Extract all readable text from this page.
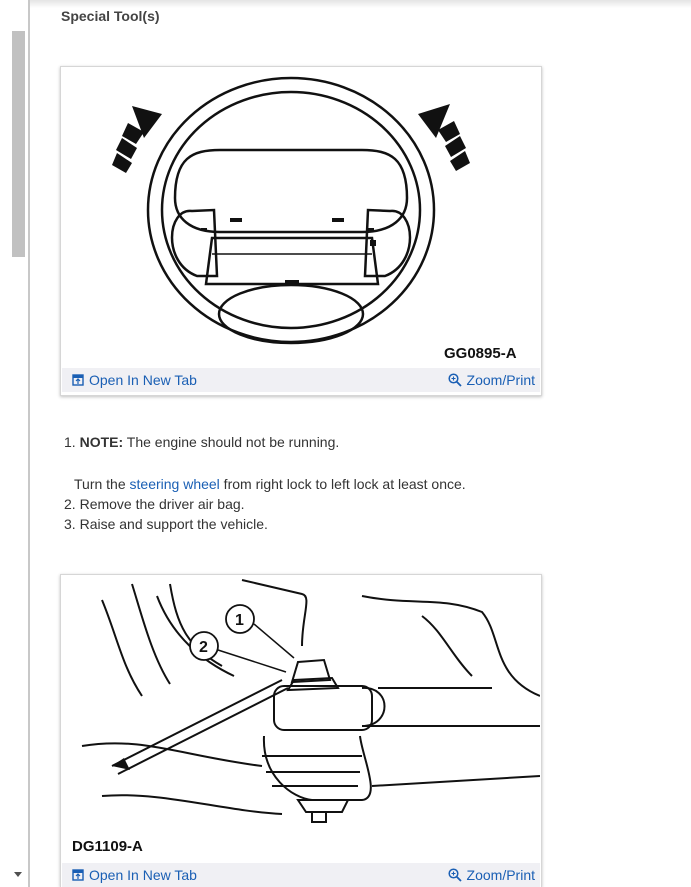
Special Tool(s)
GG0895-A
Open In New Tab	Zoom/Print
1. NOTE: The engine should not be running.
Turn the steering wheel from right lock to left lock at least once.
2. Remove the driver air bag.
3. Raise and support the vehicle.
1
2
DG1109-A
Open In New Tab	Zoom/Print
